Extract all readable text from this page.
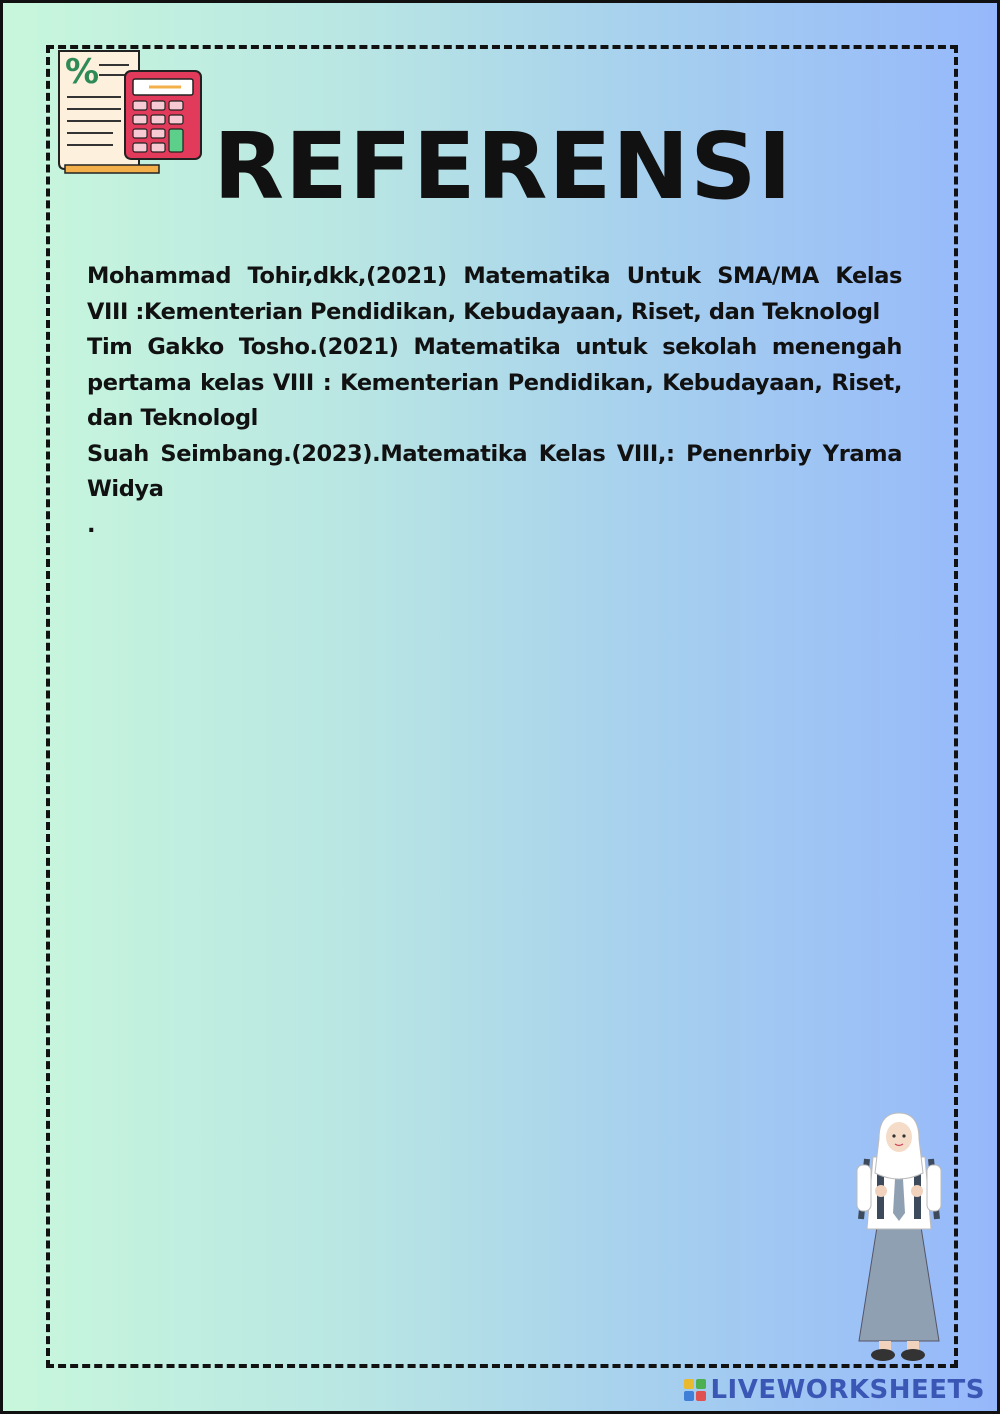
%
REFERENSI

Mohammad Tohir,dkk,(2021) Matematika Untuk SMA/MA Kelas VIII :Kementerian Pendidikan, Kebudayaan, Riset, dan Teknologl

Tim Gakko Tosho.(2021) Matematika untuk sekolah menengah pertama kelas VIII : Kementerian Pendidikan, Kebudayaan, Riset, dan Teknologl

Suah Seimbang.(2023).Matematika Kelas VIII,: Penenrbiy Yrama Widya

.

LIVEWORKSHEETS
